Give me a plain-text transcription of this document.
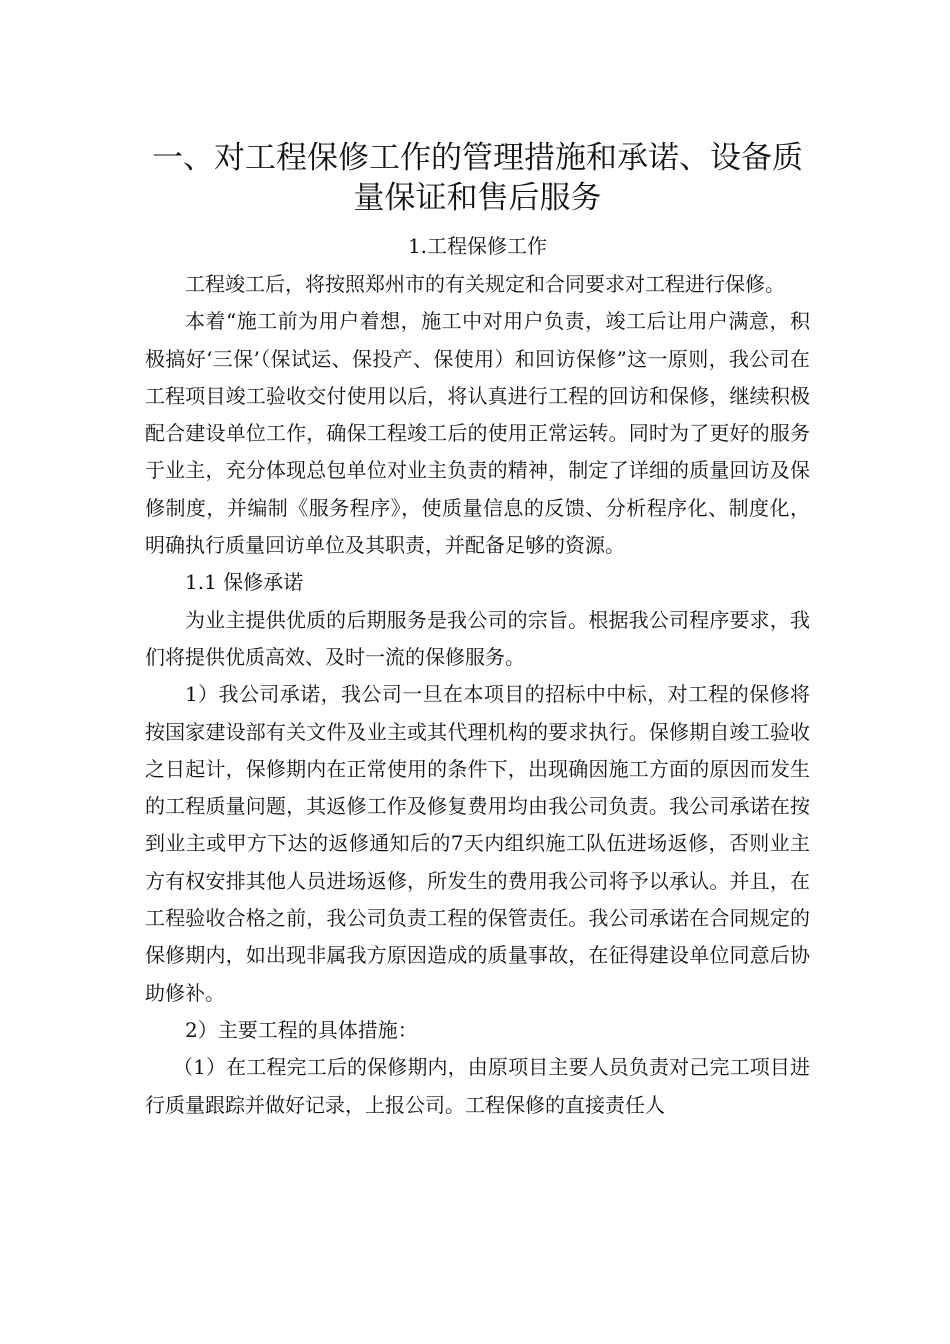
一、对工程保修工作的管理措施和承诺、设备质量保证和售后服务
1.工程保修工作

工程竣工后，将按照郑州市的有关规定和合同要求对工程进行保修。

本着“施工前为用户着想，施工中对用户负责，竣工后让用户满意，积极搞好‘三保’（保试运、保投产、保使用）和回访保修”这一原则，我公司在工程项目竣工验收交付使用以后，将认真进行工程的回访和保修，继续积极配合建设单位工作，确保工程竣工后的使用正常运转。同时为了更好的服务于业主，充分体现总包单位对业主负责的精神，制定了详细的质量回访及保修制度，并编制《服务程序》，使质量信息的反馈、分析程序化、制度化，明确执行质量回访单位及其职责，并配备足够的资源。

1.1 保修承诺

为业主提供优质的后期服务是我公司的宗旨。根据我公司程序要求，我们将提供优质高效、及时一流的保修服务。

1）我公司承诺，我公司一旦在本项目的招标中中标，对工程的保修将按国家建设部有关文件及业主或其代理机构的要求执行。保修期自竣工验收之日起计，保修期内在正常使用的条件下，出现确因施工方面的原因而发生的工程质量问题，其返修工作及修复费用均由我公司负责。我公司承诺在按到业主或甲方下达的返修通知后的7天内组织施工队伍进场返修，否则业主方有权安排其他人员进场返修，所发生的费用我公司将予以承认。并且，在工程验收合格之前，我公司负责工程的保管责任。我公司承诺在合同规定的保修期内，如出现非属我方原因造成的质量事故，在征得建设单位同意后协助修补。

2）主要工程的具体措施：

（1）在工程完工后的保修期内，由原项目主要人员负责对己完工项目进行质量跟踪并做好记录，上报公司。工程保修的直接责任人
